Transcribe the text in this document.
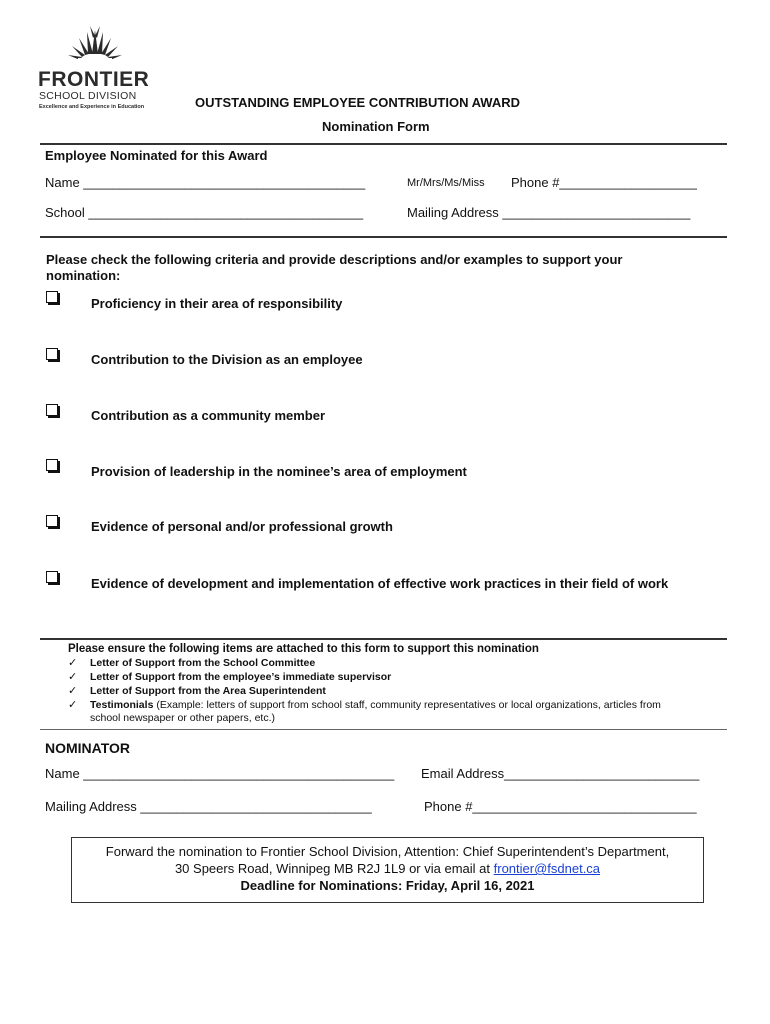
FRONTIER
SCHOOL DIVISION
Excellence and Experience in Education	OUTSTANDING EMPLOYEE CONTRIBUTION AWARD
Nomination Form
Employee Nominated for this Award
Name _______________________________________	Mr/Mrs/Ms/Miss Phone #___________________
School ______________________________________	Mailing Address __________________________
Please check the following criteria and provide descriptions and/or examples to support your
nomination:
Proficiency in their area of responsibility
Contribution to the Division as an employee
Contribution as a community member
Provision of leadership in the nominee’s area of employment
Evidence of personal and/or professional growth
Evidence of development and implementation of effective work practices in their field of work
Please ensure the following items are attached to this form to support this nomination
✓ Letter of Support from the School Committee
✓ Letter of Support from the employee’s immediate supervisor
✓ Letter of Support from the Area Superintendent
✓ Testimonials (Example: letters of support from school staff, community representatives or local organizations, articles from
school newspaper or other papers, etc.)
NOMINATOR
Name ___________________________________________ Email Address___________________________
Mailing Address ________________________________	Phone #_______________________________
Forward the nomination to Frontier School Division, Attention: Chief Superintendent’s Department,
30 Speers Road, Winnipeg MB R2J 1L9 or via email at frontier@fsdnet.ca
Deadline for Nominations: Friday, April 16, 2021
